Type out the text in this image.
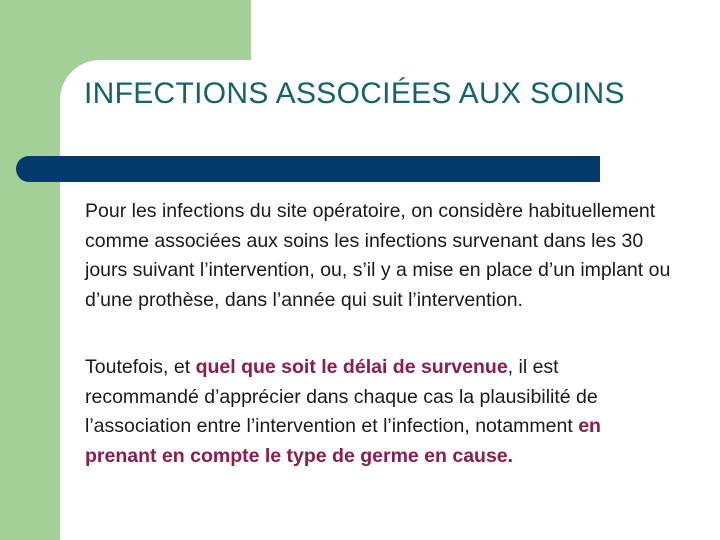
INFECTIONS ASSOCIÉES AUX SOINS

Pour les infections du site opératoire, on considère habituellement comme associées aux soins les infections survenant dans les 30 jours suivant l’intervention, ou, s’il y a mise en place d’un implant ou d’une prothèse, dans l’année qui suit l’intervention.

Toutefois, et quel que soit le délai de survenue, il est recommandé d’apprécier dans chaque cas la plausibilité de l’association entre l’intervention et l’infection, notamment en prenant en compte le type de germe en cause.
